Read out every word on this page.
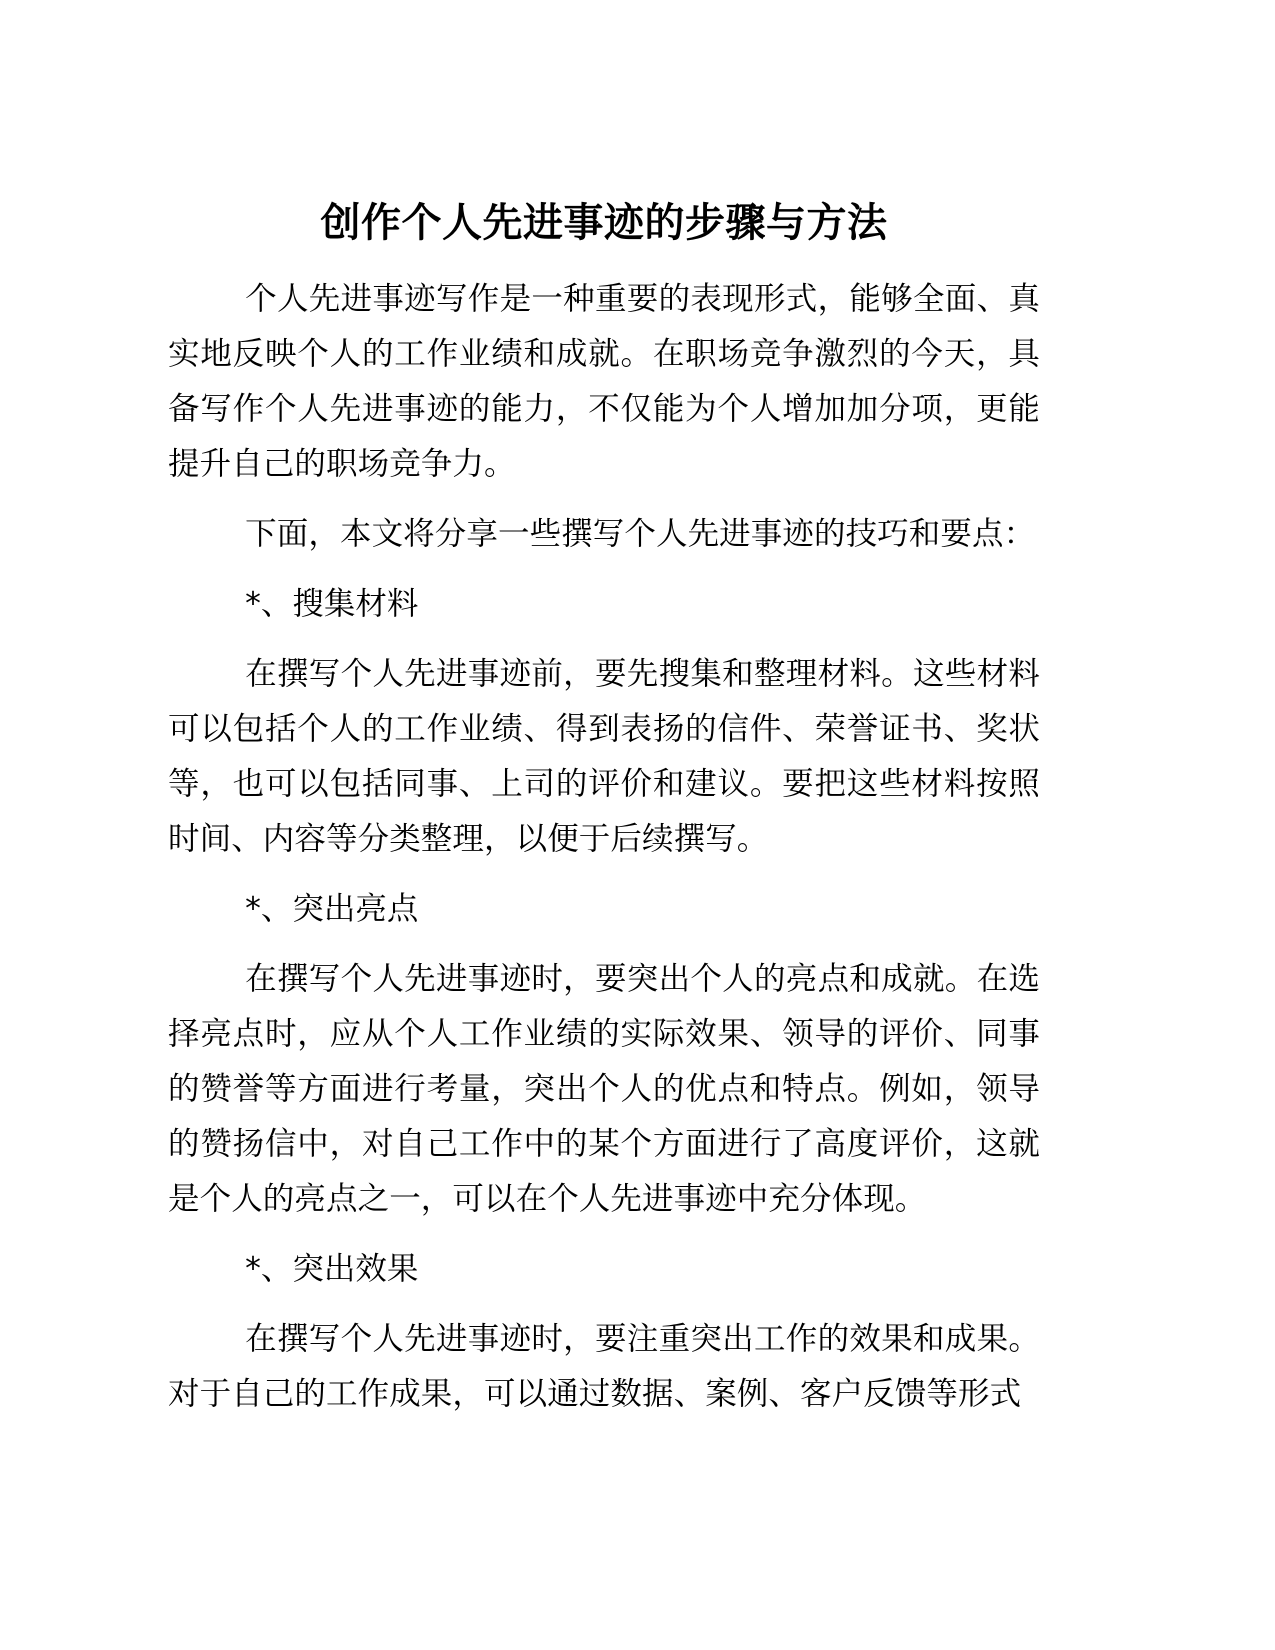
创作个人先进事迹的步骤与方法

个人先进事迹写作是一种重要的表现形式，能够全面、真实地反映个人的工作业绩和成就。在职场竞争激烈的今天，具备写作个人先进事迹的能力，不仅能为个人增加加分项，更能提升自己的职场竞争力。

下面，本文将分享一些撰写个人先进事迹的技巧和要点：

*、搜集材料

在撰写个人先进事迹前，要先搜集和整理材料。这些材料可以包括个人的工作业绩、得到表扬的信件、荣誉证书、奖状等，也可以包括同事、上司的评价和建议。要把这些材料按照时间、内容等分类整理，以便于后续撰写。

*、突出亮点

在撰写个人先进事迹时，要突出个人的亮点和成就。在选择亮点时，应从个人工作业绩的实际效果、领导的评价、同事的赞誉等方面进行考量，突出个人的优点和特点。例如，领导的赞扬信中，对自己工作中的某个方面进行了高度评价，这就是个人的亮点之一，可以在个人先进事迹中充分体现。

*、突出效果

在撰写个人先进事迹时，要注重突出工作的效果和成果。对于自己的工作成果，可以通过数据、案例、客户反馈等形式
